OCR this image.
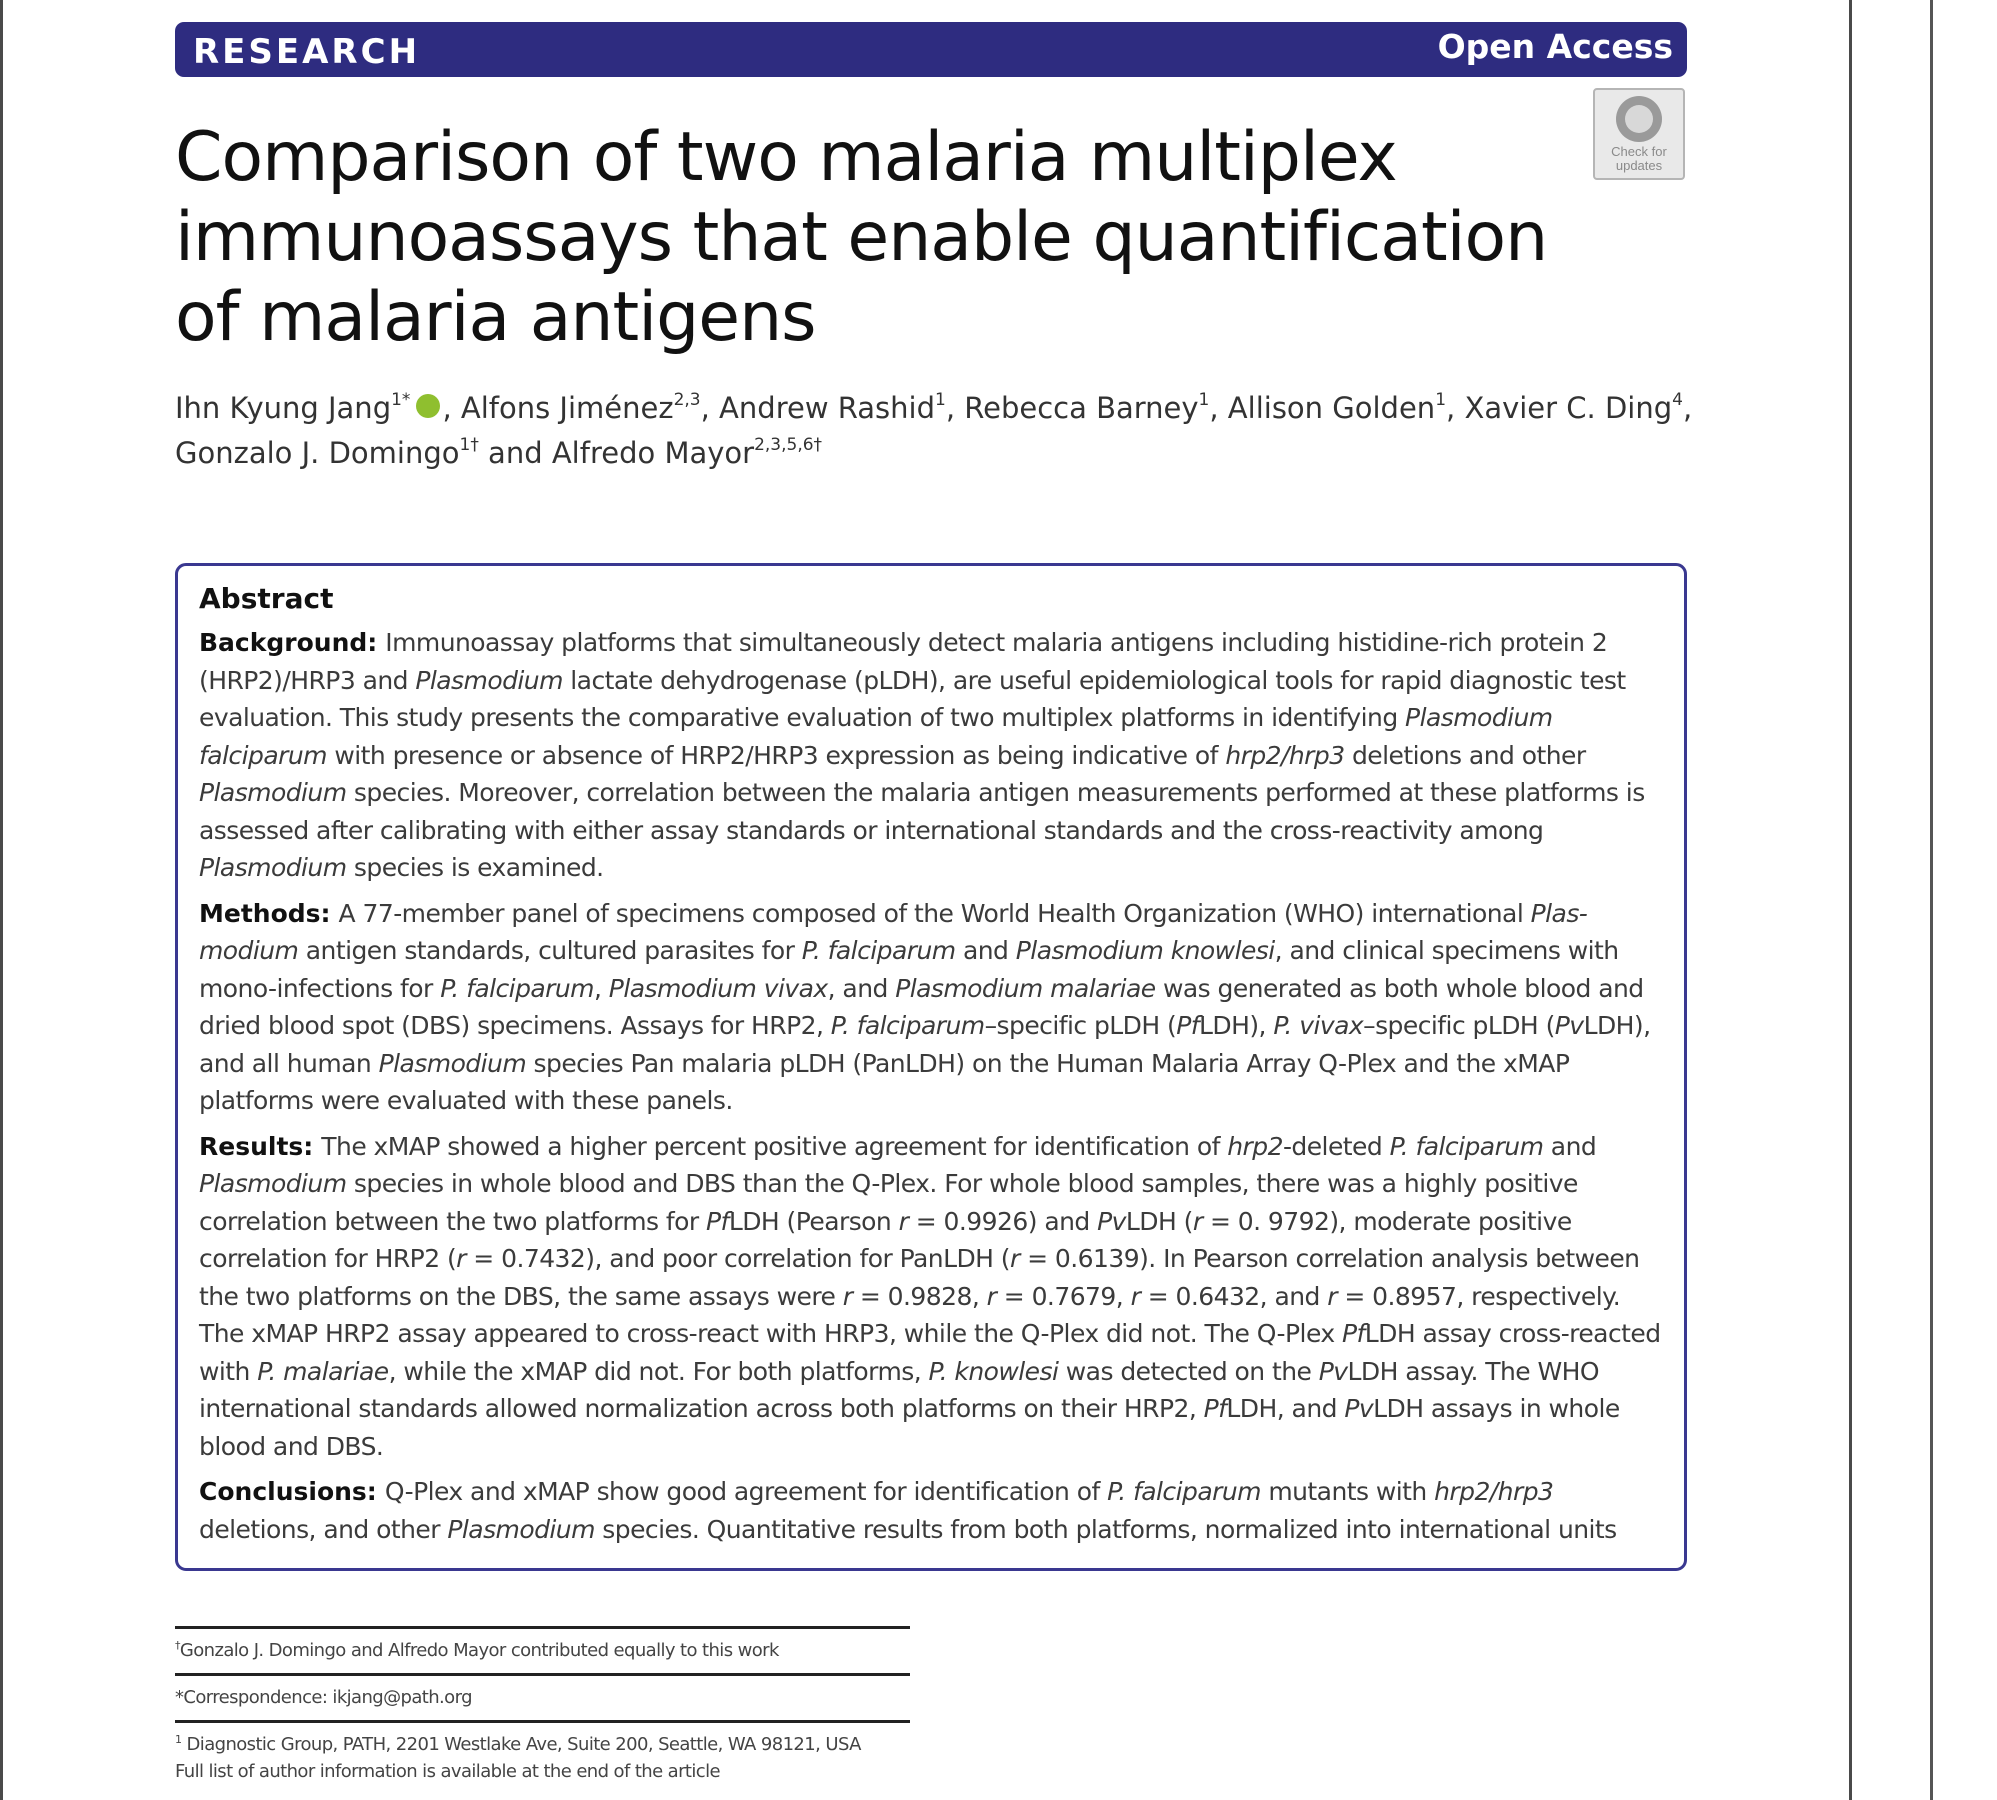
RESEARCH	Open Access
Check for updates
Comparison of two malaria multiplex
immunoassays that enable quantification
of malaria antigens
Ihn Kyung Jang$^{1*}$ , Alfons Jiménez$^{2,3}$, Andrew Rashid$^1$, Rebecca Barney$^1$, Allison Golden$^1$, Xavier C. Ding$^4$,
Gonzalo J. Domingo$^{1\dagger}$ and Alfredo Mayor$^{2,3,5,6\dagger}$
Abstract

Background: Immunoassay platforms that simultaneously detect malaria antigens including histidine-rich protein 2 (HRP2)/HRP3 and Plasmodium lactate dehydrogenase (pLDH), are useful epidemiological tools for rapid diagnostic test evaluation. This study presents the comparative evaluation of two multiplex platforms in identifying Plasmodium falciparum with presence or absence of HRP2/HRP3 expression as being indicative of hrp2/hrp3 deletions and other Plasmodium species. Moreover, correlation between the malaria antigen measurements performed at these platforms is assessed after calibrating with either assay standards or international standards and the cross-reactivity among Plasmodium species is examined.

Methods: A 77-member panel of specimens composed of the World Health Organization (WHO) international Plasmodium antigen standards, cultured parasites for P. falciparum and Plasmodium knowlesi, and clinical specimens with mono-infections for P. falciparum, Plasmodium vivax, and Plasmodium malariae was generated as both whole blood and dried blood spot (DBS) specimens. Assays for HRP2, P. falciparum–specific pLDH (PfLDH), P. vivax–specific pLDH (PvLDH), and all human Plasmodium species Pan malaria pLDH (PanLDH) on the Human Malaria Array Q-Plex and the xMAP platforms were evaluated with these panels.

Results: The xMAP showed a higher percent positive agreement for identification of hrp2-deleted P. falciparum and Plasmodium species in whole blood and DBS than the Q-Plex. For whole blood samples, there was a highly positive correlation between the two platforms for PfLDH (Pearson r = 0.9926) and PvLDH (r = 0. 9792), moderate positive correlation for HRP2 (r = 0.7432), and poor correlation for PanLDH (r = 0.6139). In Pearson correlation analysis between the two platforms on the DBS, the same assays were r = 0.9828, r = 0.7679, r = 0.6432, and r = 0.8957, respectively. The xMAP HRP2 assay appeared to cross-react with HRP3, while the Q-Plex did not. The Q-Plex PfLDH assay cross-reacted with P. malariae, while the xMAP did not. For both platforms, P. knowlesi was detected on the PvLDH assay. The WHO international standards allowed normalization across both platforms on their HRP2, PfLDH, and PvLDH assays in whole blood and DBS.

Conclusions: Q-Plex and xMAP show good agreement for identification of P. falciparum mutants with hrp2/hrp3 deletions, and other Plasmodium species. Quantitative results from both platforms, normalized into international units

†Gonzalo J. Domingo and Alfredo Mayor contributed equally to this work
*Correspondence: ikjang@path.org
$^1$ Diagnostic Group, PATH, 2201 Westlake Ave, Suite 200, Seattle, WA 98121, USA
Full list of author information is available at the end of the article
